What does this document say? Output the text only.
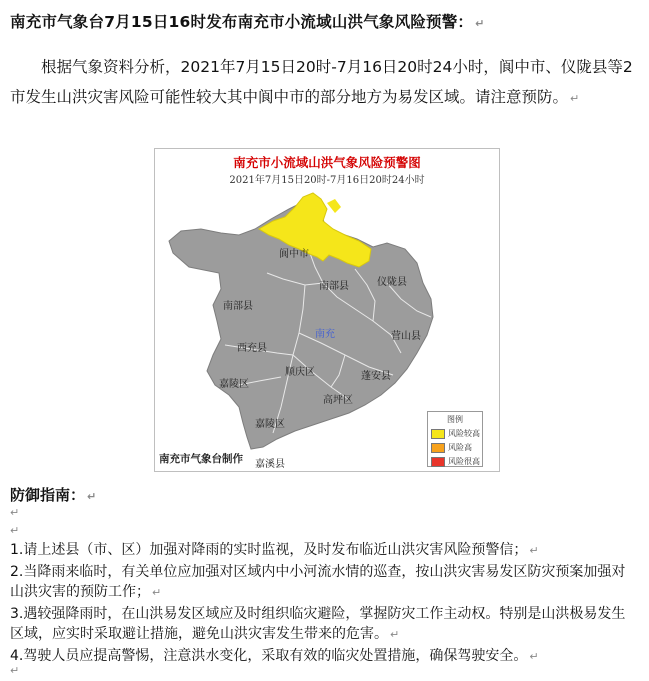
南充市气象台7月15日16时发布南充市小流域山洪气象风险预警： ↵
根据气象资料分析，2021年7月15日20时-7月16日20时24小时，阆中市、仪陇县等2市发生山洪灾害风险可能性较大其中阆中市的部分地方为易发区域。请注意预防。 ↵
南充市小流域山洪气象风险预警图
2021年7月15日20时-7月16日20时24小时
阆中市
南部县	仪陇县
南部县
南充	营山县
西充县
顺庆区
嘉陵区
蓬安县
高坪区
嘉陵区
嘉溪县
南充市气象台制作
图例
风险较高
风险高
风险很高
防御指南： ↵
↵
↵
1.请上述县（市、区）加强对降雨的实时监视，及时发布临近山洪灾害风险预警信； ↵
2.当降雨来临时，有关单位应加强对区域内中小河流水情的巡查，按山洪灾害易发区防灾预案加强对山洪灾害的预防工作； ↵
3.遇较强降雨时，在山洪易发区域应及时组织临灾避险，掌握防灾工作主动权。特别是山洪极易发生区域，应实时采取避让措施，避免山洪灾害发生带来的危害。 ↵
4.驾驶人员应提高警惕，注意洪水变化，采取有效的临灾处置措施，确保驾驶安全。 ↵
↵
